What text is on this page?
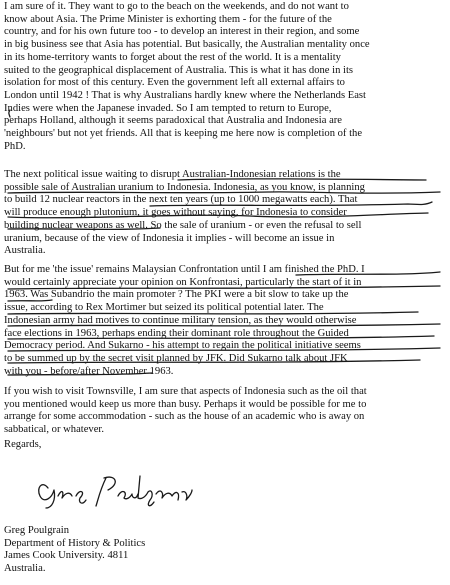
I am sure of it. They want to go to the beach on the weekends, and do not want to
know about Asia. The Prime Minister is exhorting them - for the future of the
country, and for his own future too - to develop an interest in their region, and some
in big business see that Asia has potential. But basically, the Australian mentality once
in its home-territory wants to forget about the rest of the world. It is a mentality
suited to the geographical displacement of Australia. This is what it has done in its
isolation for most of this century. Even the government left all external affairs to
London until 1942 ! That is why Australians hardly knew where the Netherlands East
Indies were when the Japanese invaded. So I am tempted to return to Europe,
perhaps Holland, although it seems paradoxical that Australia and Indonesia are
'neighbours' but not yet friends. All that is keeping me here now is completion of the
PhD.
The next political issue waiting to disrupt Australian-Indonesian relations is the
possible sale of Australian uranium to Indonesia. Indonesia, as you know, is planning
to build 12 nuclear reactors in the next ten years (up to 1000 megawatts each). That
will produce enough plutonium, it goes without saying, for Indonesia to consider
building nuclear weapons as well. So the sale of uranium - or even the refusal to sell
uranium, because of the view of Indonesia it implies - will become an issue in
Australia.
But for me 'the issue' remains Malaysian Confrontation until I am finished the PhD. I
would certainly appreciate your opinion on Konfrontasi, particularly the start of it in
1963. Was Subandrio the main promoter ? The PKI were a bit slow to take up the
issue, according to Rex Mortimer but seized its political potential later. The
Indonesian army had motives to continue military tension, as they would otherwise
face elections in 1963, perhaps ending their dominant role throughout the Guided
Democracy period. And Sukarno - his attempt to regain the political initiative seems
to be summed up by the secret visit planned by JFK. Did Sukarno talk about JFK
with you - before/after November 1963.
If you wish to visit Townsville, I am sure that aspects of Indonesia such as the oil that
you mentioned would keep us more than busy. Perhaps it would be possible for me to
arrange for some accommodation - such as the house of an academic who is away on
sabbatical, or whatever.
Regards,
Greg Poulgrain
Department of History & Politics
James Cook University. 4811
Australia.
